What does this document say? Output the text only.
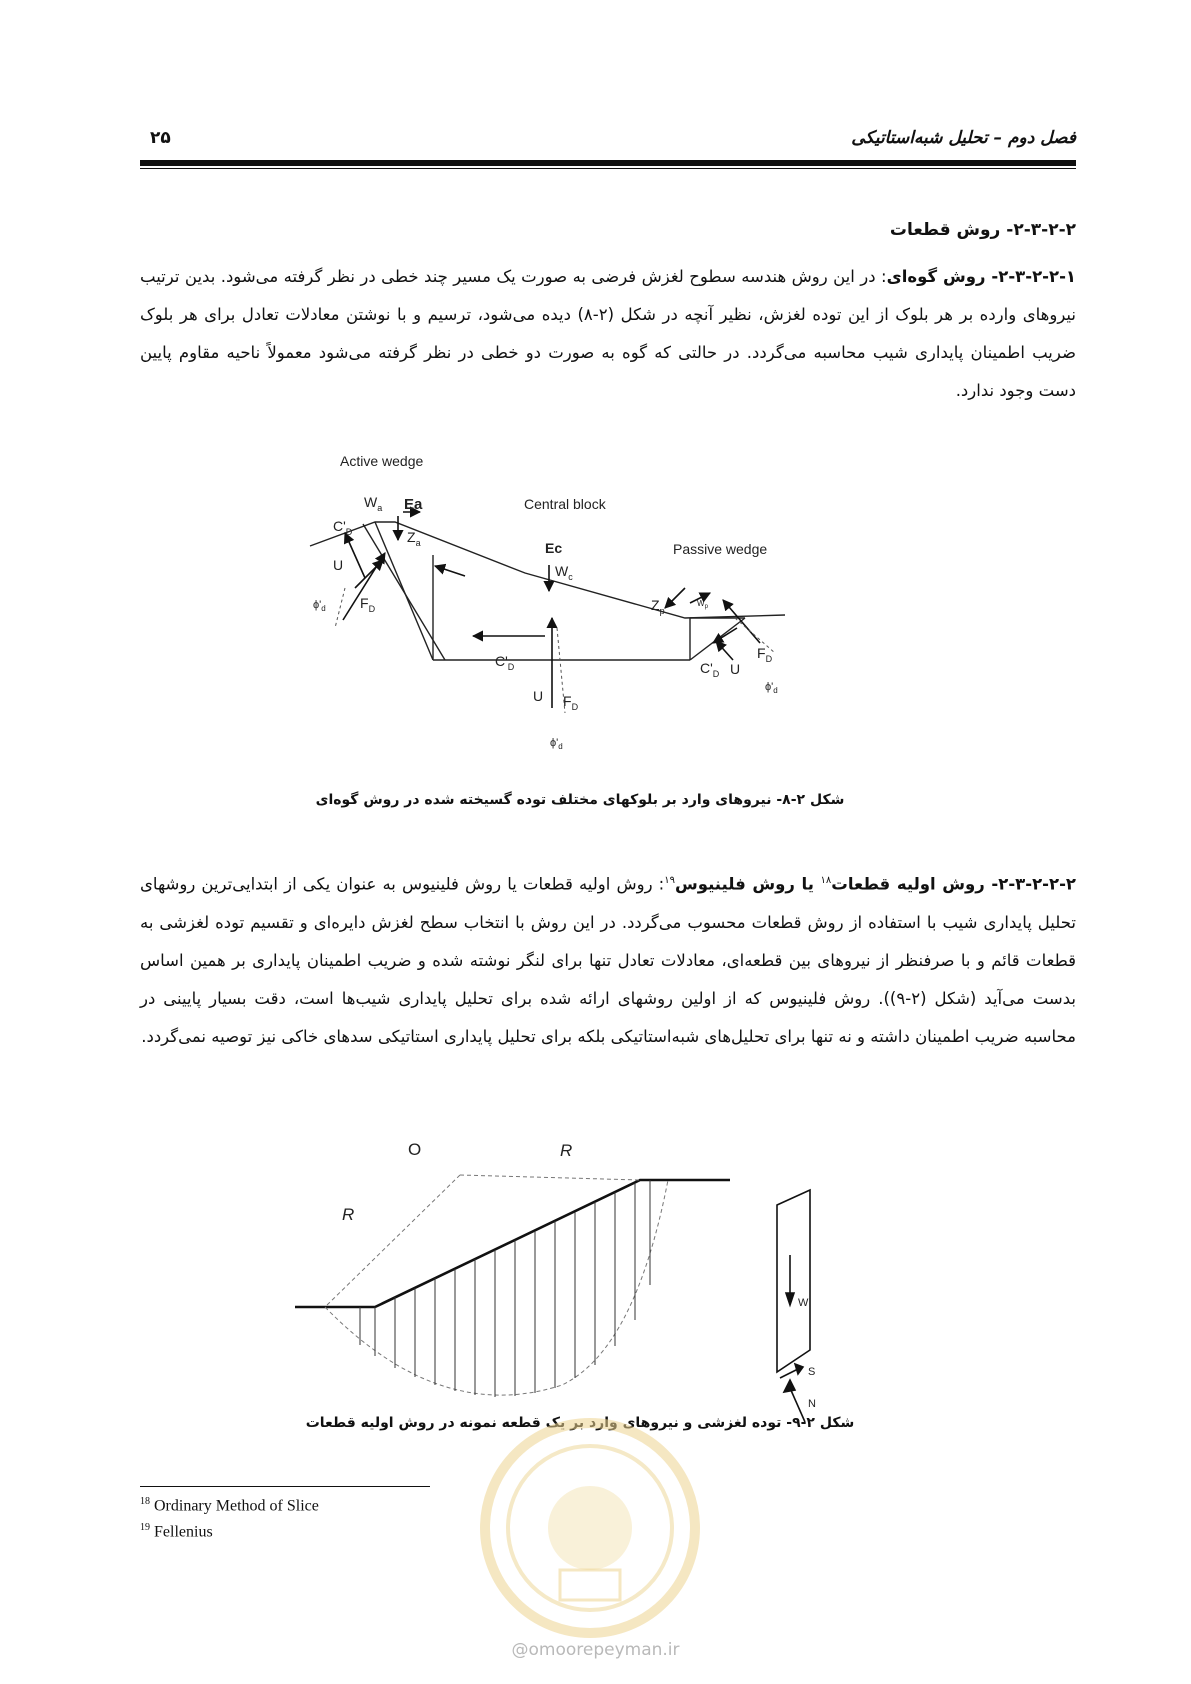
فصل دوم – تحلیل شبه‌استاتیکی
۲۵
۲-۳-۲-۲- روش قطعات
۲-۳-۲-۲-۱- روش گوه‌ای: در این روش هندسه سطوح لغزش فرضی به صورت یک مسیر چند خطی در نظر گرفته می‌شود. بدین ترتیب نیروهای وارده بر هر بلوک از این توده لغزش، نظیر آنچه در شکل (۲-۸) دیده می‌شود، ترسیم و با نوشتن معادلات تعادل برای هر بلوک ضریب اطمینان پایداری شیب محاسبه می‌گردد. در حالتی که گوه به صورت دو خطی در نظر گرفته می‌شود معمولاً ناحیه مقاوم پایین دست وجود ندارد.
Active wedge
Central block
Passive wedge
$W_a$ Ea
$C'_D$	$Z_a$
U
$F_D$
$\phi'_d$
Ec
$W_c$
$C'_D$
U $F_D$
$\phi'_d$
$Z_p$
$W_p$
$C'_D$ U
$F_D$
$\phi'_d$
شکل ۲-۸- نیروهای وارد بر بلوکهای مختلف توده گسیخته شده در روش گوه‌ای
۲-۳-۲-۲-۲- روش اولیه قطعات$^{۱۸}$ یا روش فلینیوس$^{۱۹}$: روش اولیه قطعات یا روش فلینیوس به عنوان یکی از ابتدایی‌ترین روشهای تحلیل پایداری شیب با استفاده از روش قطعات محسوب می‌گردد. در این روش با انتخاب سطح لغزش دایره‌ای و تقسیم توده لغزشی به قطعات قائم و با صرفنظر از نیروهای بین قطعه‌ای، معادلات تعادل تنها برای لنگر نوشته شده و ضریب اطمینان پایداری بر همین اساس بدست می‌آید (شکل (۲-۹)). روش فلینیوس که از اولین روشهای ارائه شده برای تحلیل پایداری شیب‌ها است، دقت بسیار پایینی در محاسبه ضریب اطمینان داشته و نه تنها برای تحلیل‌های شبه‌استاتیکی بلکه برای تحلیل پایداری استاتیکی سدهای خاکی نیز توصیه نمی‌گردد.
O	R
R
W
S
N
شکل ۲-۹- توده لغزشی و نیروهای وارد بر یک قطعه نمونه در روش اولیه قطعات
$^{18}$ Ordinary Method of Slice
$^{19}$ Fellenius
@omoorepeyman.ir
